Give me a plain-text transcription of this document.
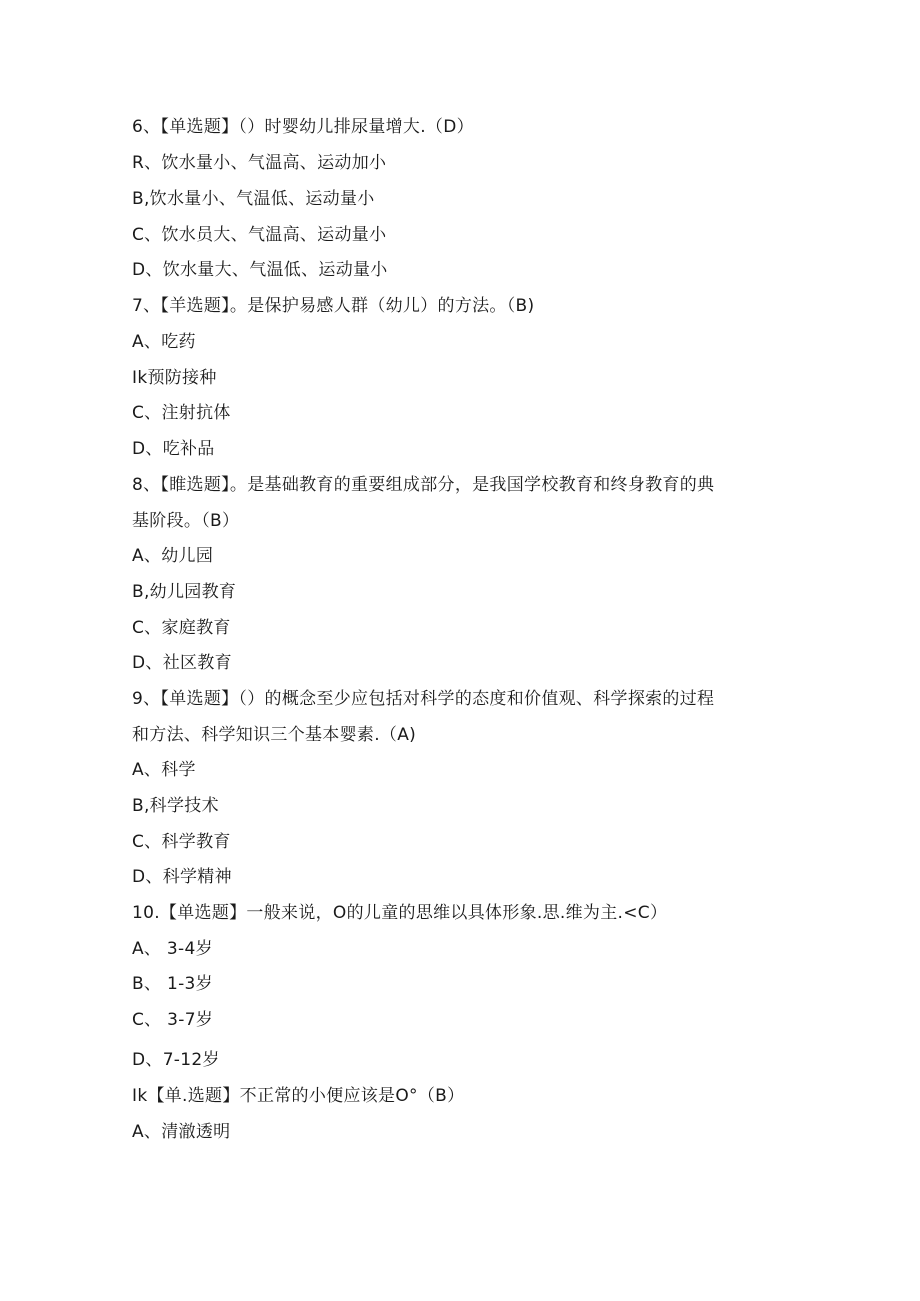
6、【单选题】（）时婴幼儿排尿量增大.（D）
R、饮水量小、气温高、运动加小
B,饮水量小、气温低、运动量小
C、饮水员大、气温高、运动量小
D、饮水量大、气温低、运动量小
7、【羊选题】。是保护易感人群（幼儿）的方法。（B)
A、吃药
Ik预防接种
C、注射抗体
D、吃补品
8、【睢选题】。是基础教育的重要组成部分，是我国学校教育和终身教育的典
基阶段。（B）
A、幼儿园
B,幼儿园教育
C、家庭教育
D、社区教育
9、【单选题】（）的概念至少应包括对科学的态度和价值观、科学探索的过程
和方法、科学知识三个基本婴素.（A)
A、科学
B,科学技术
C、科学教育
D、科学精神
10.【单选题】一般来说，O的儿童的思维以具体形象.思.维为主.<C）
A、 3-4岁
B、 1-3岁
C、 3-7岁
D、7-12岁
Ik【单.选题】不正常的小便应该是O°（B）
A、清澈透明
